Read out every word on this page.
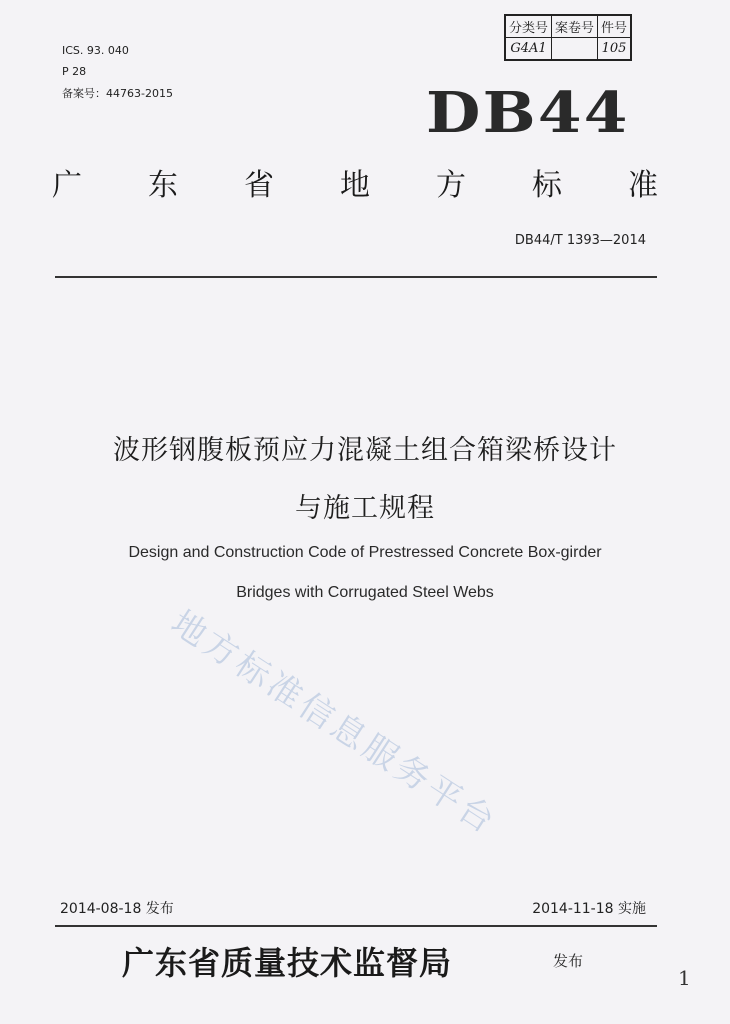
分类号	案卷号	件号
G4A1		105
ICS. 93. 040
P 28
备案号：44763-2015	DB44
广 东 省 地 方 标 准
DB44/T 1393—2014
波形钢腹板预应力混凝土组合箱梁桥设计
与施工规程
Design and Construction Code of Prestressed Concrete Box-girder
Bridges with Corrugated Steel Webs
地方标准信息服务平台
2014-08-18 发布	2014-11-18 实施
广东省质量技术监督局	发布
1
